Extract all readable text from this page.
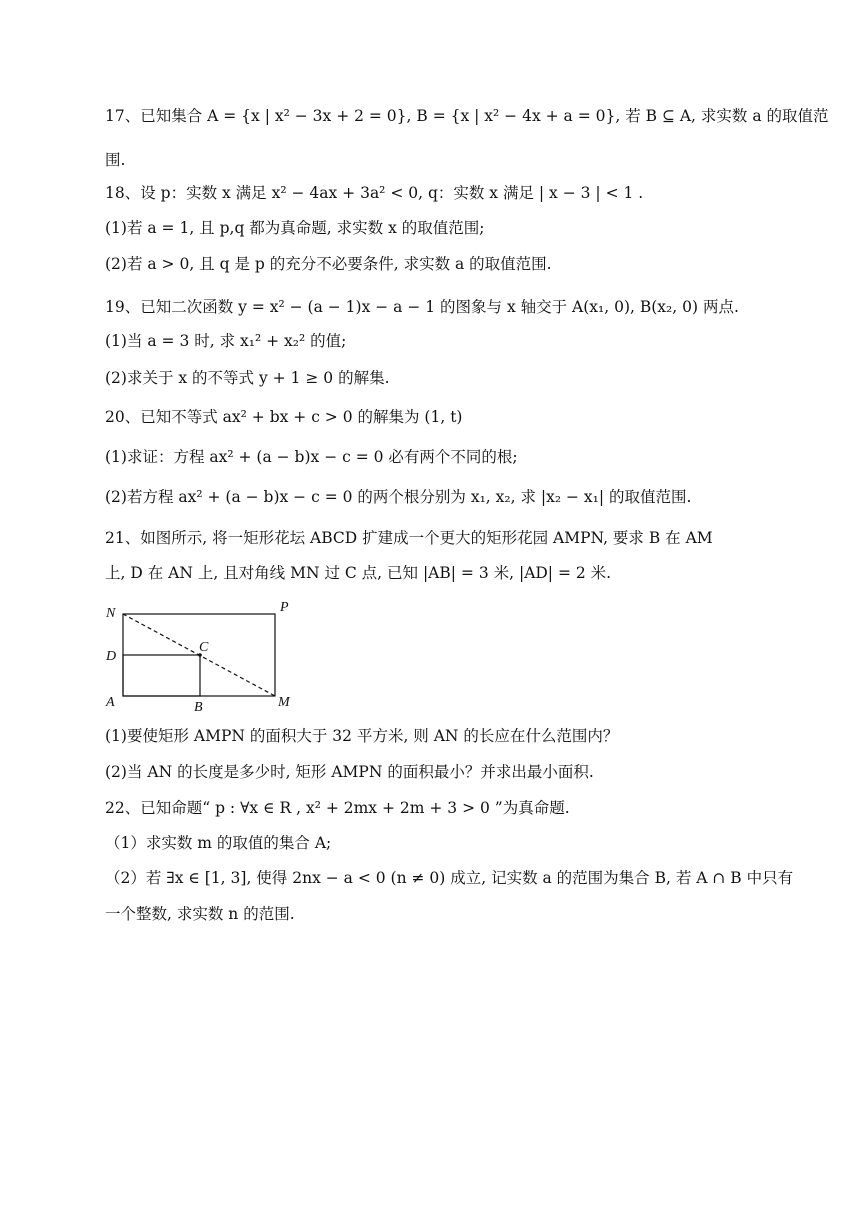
17、已知集合 A = {x | x² − 3x + 2 = 0}, B = {x | x² − 4x + a = 0}, 若 B ⊆ A, 求实数 a 的取值范
围.
18、设 p：实数 x 满足 x² − 4ax + 3a² < 0, q：实数 x 满足 | x − 3 | < 1 .
(1)若 a = 1, 且 p,q 都为真命题, 求实数 x 的取值范围;
(2)若 a > 0, 且 q 是 p 的充分不必要条件, 求实数 a 的取值范围.
19、已知二次函数 y = x² − (a − 1)x − a − 1 的图象与 x 轴交于 A(x₁, 0), B(x₂, 0) 两点.
(1)当 a = 3 时, 求 x₁² + x₂² 的值;
(2)求关于 x 的不等式 y + 1 ≥ 0 的解集.
20、已知不等式 ax² + bx + c > 0 的解集为 (1, t)
(1)求证：方程 ax² + (a − b)x − c = 0 必有两个不同的根;
(2)若方程 ax² + (a − b)x − c = 0 的两个根分别为 x₁, x₂, 求 |x₂ − x₁| 的取值范围.
21、如图所示, 将一矩形花坛 ABCD 扩建成一个更大的矩形花园 AMPN, 要求 B 在 AM
上, D 在 AN 上, 且对角线 MN 过 C 点, 已知 |AB| = 3 米, |AD| = 2 米.
N	P
C
D
A	B	M
(1)要使矩形 AMPN 的面积大于 32 平方米, 则 AN 的长应在什么范围内？
(2)当 AN 的长度是多少时, 矩形 AMPN 的面积最小？并求出最小面积.
22、已知命题“ p : ∀x ∈ R , x² + 2mx + 2m + 3 > 0 ”为真命题.
（1）求实数 m 的取值的集合 A;
（2）若 ∃x ∈ [1, 3], 使得 2nx − a < 0 (n ≠ 0) 成立, 记实数 a 的范围为集合 B, 若 A ∩ B 中只有
一个整数, 求实数 n 的范围.
